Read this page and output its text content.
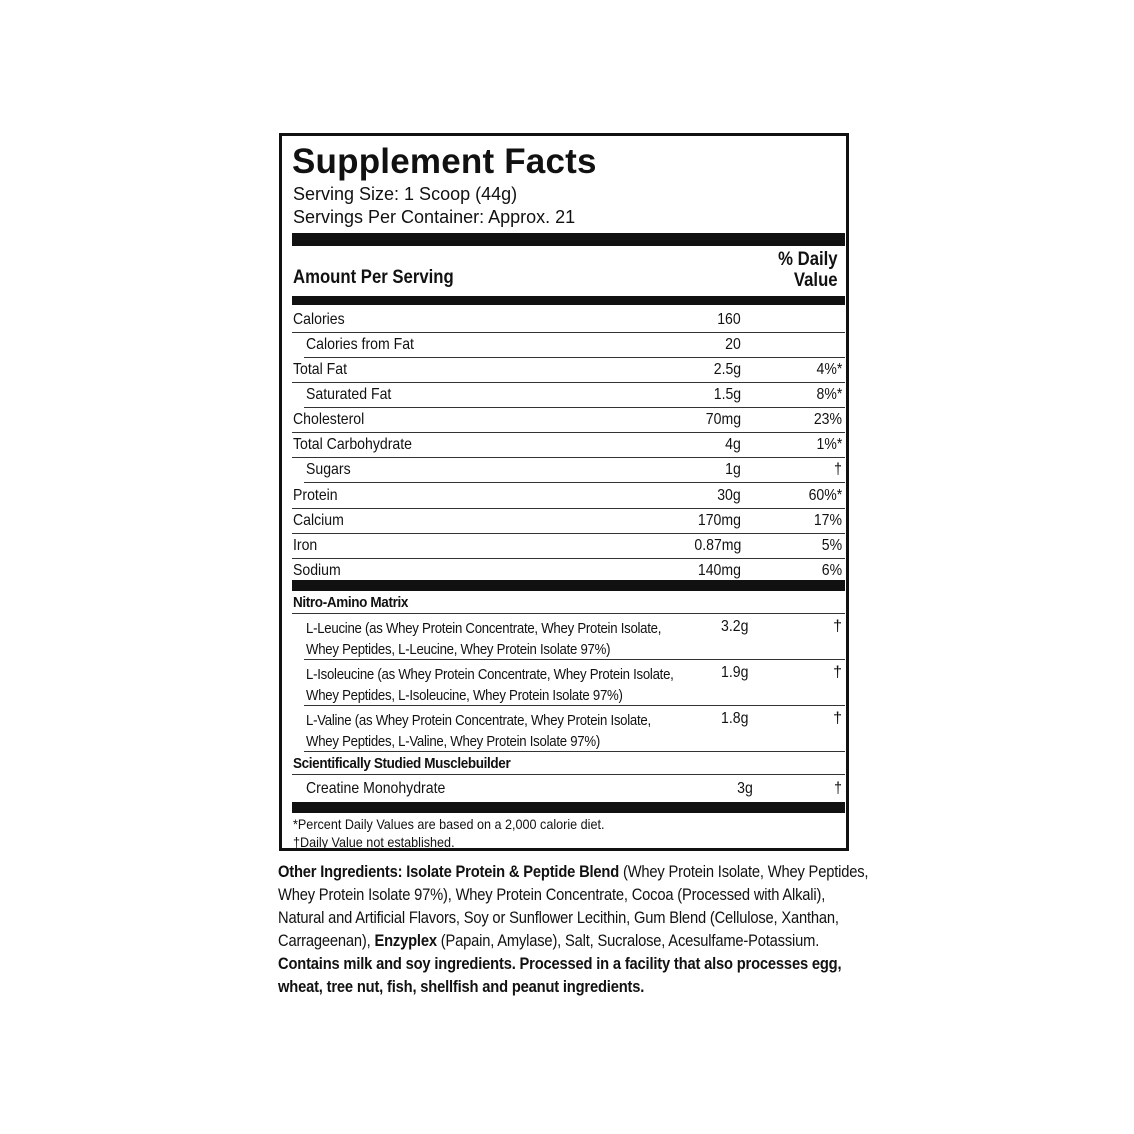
Supplement Facts
Serving Size: 1 Scoop (44g)
Servings Per Container: Approx. 21
Amount Per Serving
% Daily
Value
Calories	160
Calories from Fat	20
Total Fat	2.5g	4%*
Saturated Fat	1.5g	8%*
Cholesterol	70mg	23%
Total Carbohydrate	4g	1%*
Sugars	1g	†
Protein	30g	60%*
Calcium	170mg	17%
Iron	0.87mg	5%
Sodium	140mg	6%
Nitro-Amino Matrix
L-Leucine (as Whey Protein Concentrate, Whey Protein Isolate,
Whey Peptides, L-Leucine, Whey Protein Isolate 97%)
3.2g	†
L-Isoleucine (as Whey Protein Concentrate, Whey Protein Isolate,
Whey Peptides, L-Isoleucine, Whey Protein Isolate 97%)
1.9g	†
L-Valine (as Whey Protein Concentrate, Whey Protein Isolate,
Whey Peptides, L-Valine, Whey Protein Isolate 97%)
1.8g	†
Scientifically Studied Musclebuilder
Creatine Monohydrate	3g	†
*Percent Daily Values are based on a 2,000 calorie diet.
†Daily Value not established.
Other Ingredients: Isolate Protein & Peptide Blend (Whey Protein Isolate, Whey Peptides,
Whey Protein Isolate 97%), Whey Protein Concentrate, Cocoa (Processed with Alkali),
Natural and Artificial Flavors, Soy or Sunflower Lecithin, Gum Blend (Cellulose, Xanthan,
Carrageenan), Enzyplex (Papain, Amylase), Salt, Sucralose, Acesulfame-Potassium.
Contains milk and soy ingredients. Processed in a facility that also processes egg,
wheat, tree nut, fish, shellfish and peanut ingredients.
